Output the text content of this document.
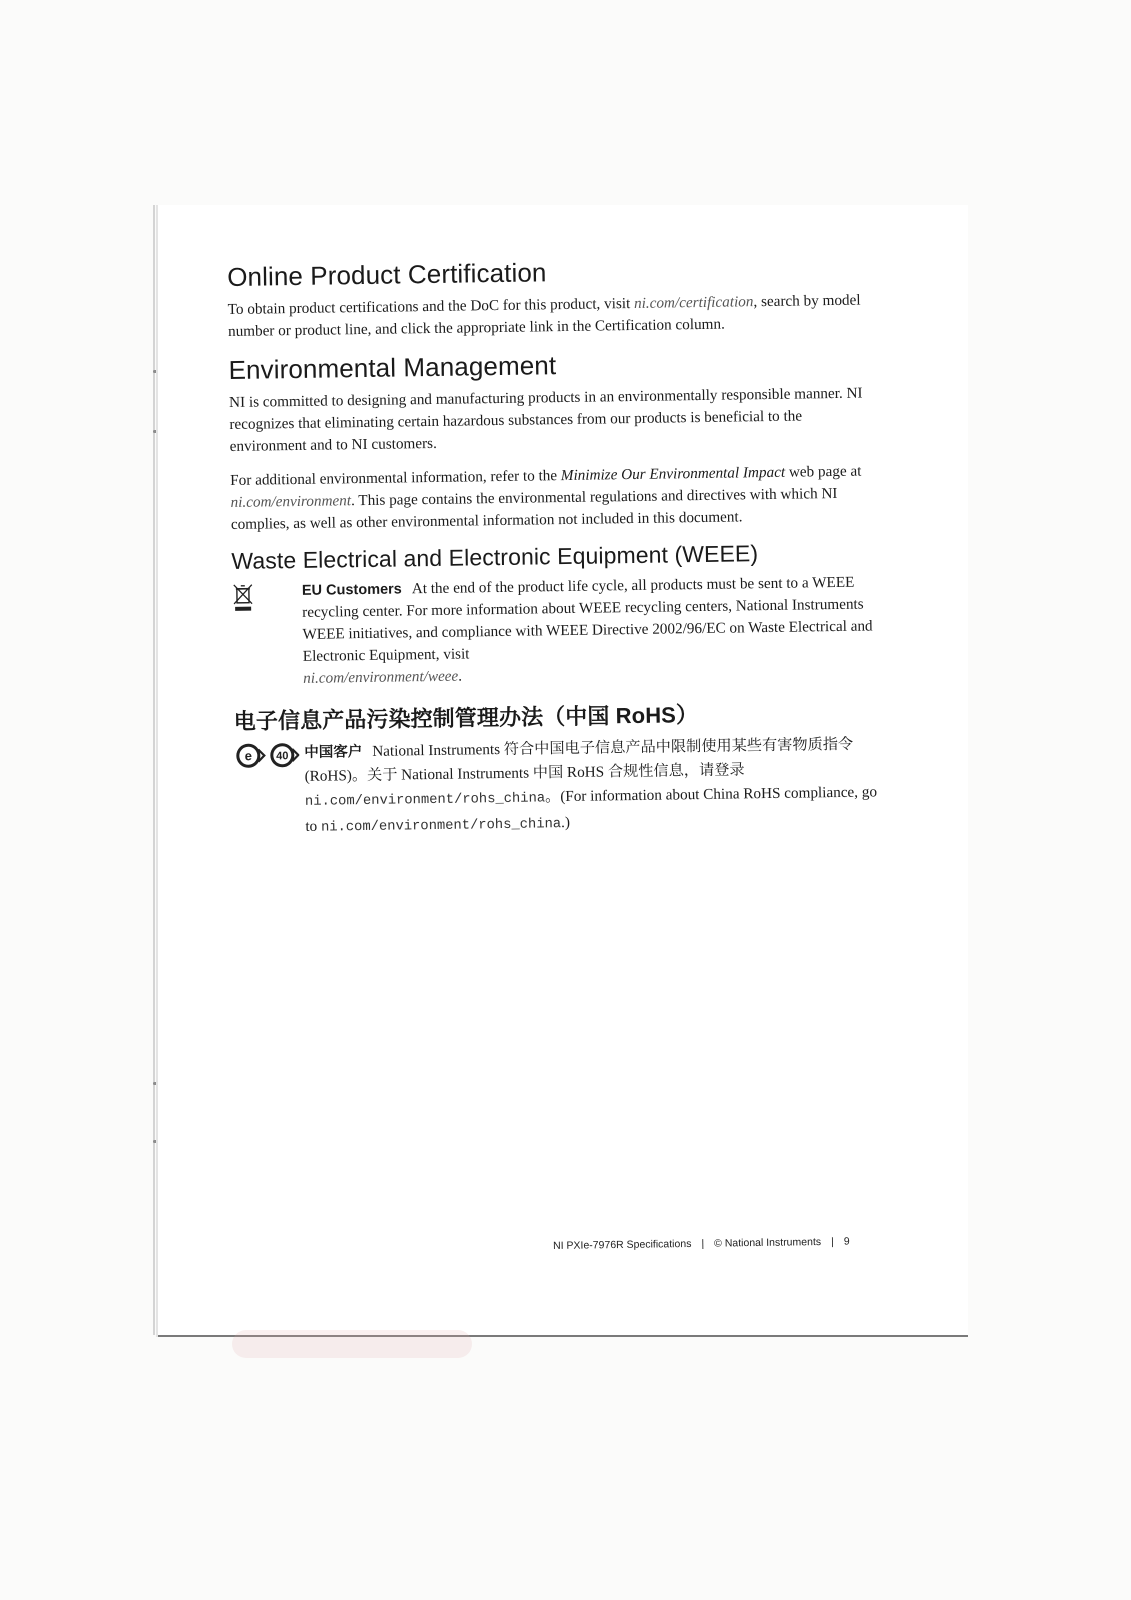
Online Product Certification

To obtain product certifications and the DoC for this product, visit ni.com/certification, search by model number or product line, and click the appropriate link in the Certification column.

Environmental Management

NI is committed to designing and manufacturing products in an environmentally responsible manner. NI recognizes that eliminating certain hazardous substances from our products is beneficial to the environment and to NI customers.

For additional environmental information, refer to the Minimize Our Environmental Impact web page at ni.com/environment. This page contains the environmental regulations and directives with which NI complies, as well as other environmental information not included in this document.

Waste Electrical and Electronic Equipment (WEEE)

EU Customers At the end of the product life cycle, all products must be sent to a WEEE recycling center. For more information about WEEE recycling centers, National Instruments WEEE initiatives, and compliance with WEEE Directive 2002/96/EC on Waste Electrical and Electronic Equipment, visit
ni.com/environment/weee.

电子信息产品污染控制管理办法（中国 RoHS）
e 40 中国客户 National Instruments 符合中国电子信息产品中限制使用某些有害物质指令(RoHS)。关于 National Instruments 中国 RoHS 合规性信息，请登录
ni.com/environment/rohs_china。(For information about China RoHS compliance, go to ni.com/environment/rohs_china.)

NI PXIe-7976R Specifications | © National Instruments | 9
